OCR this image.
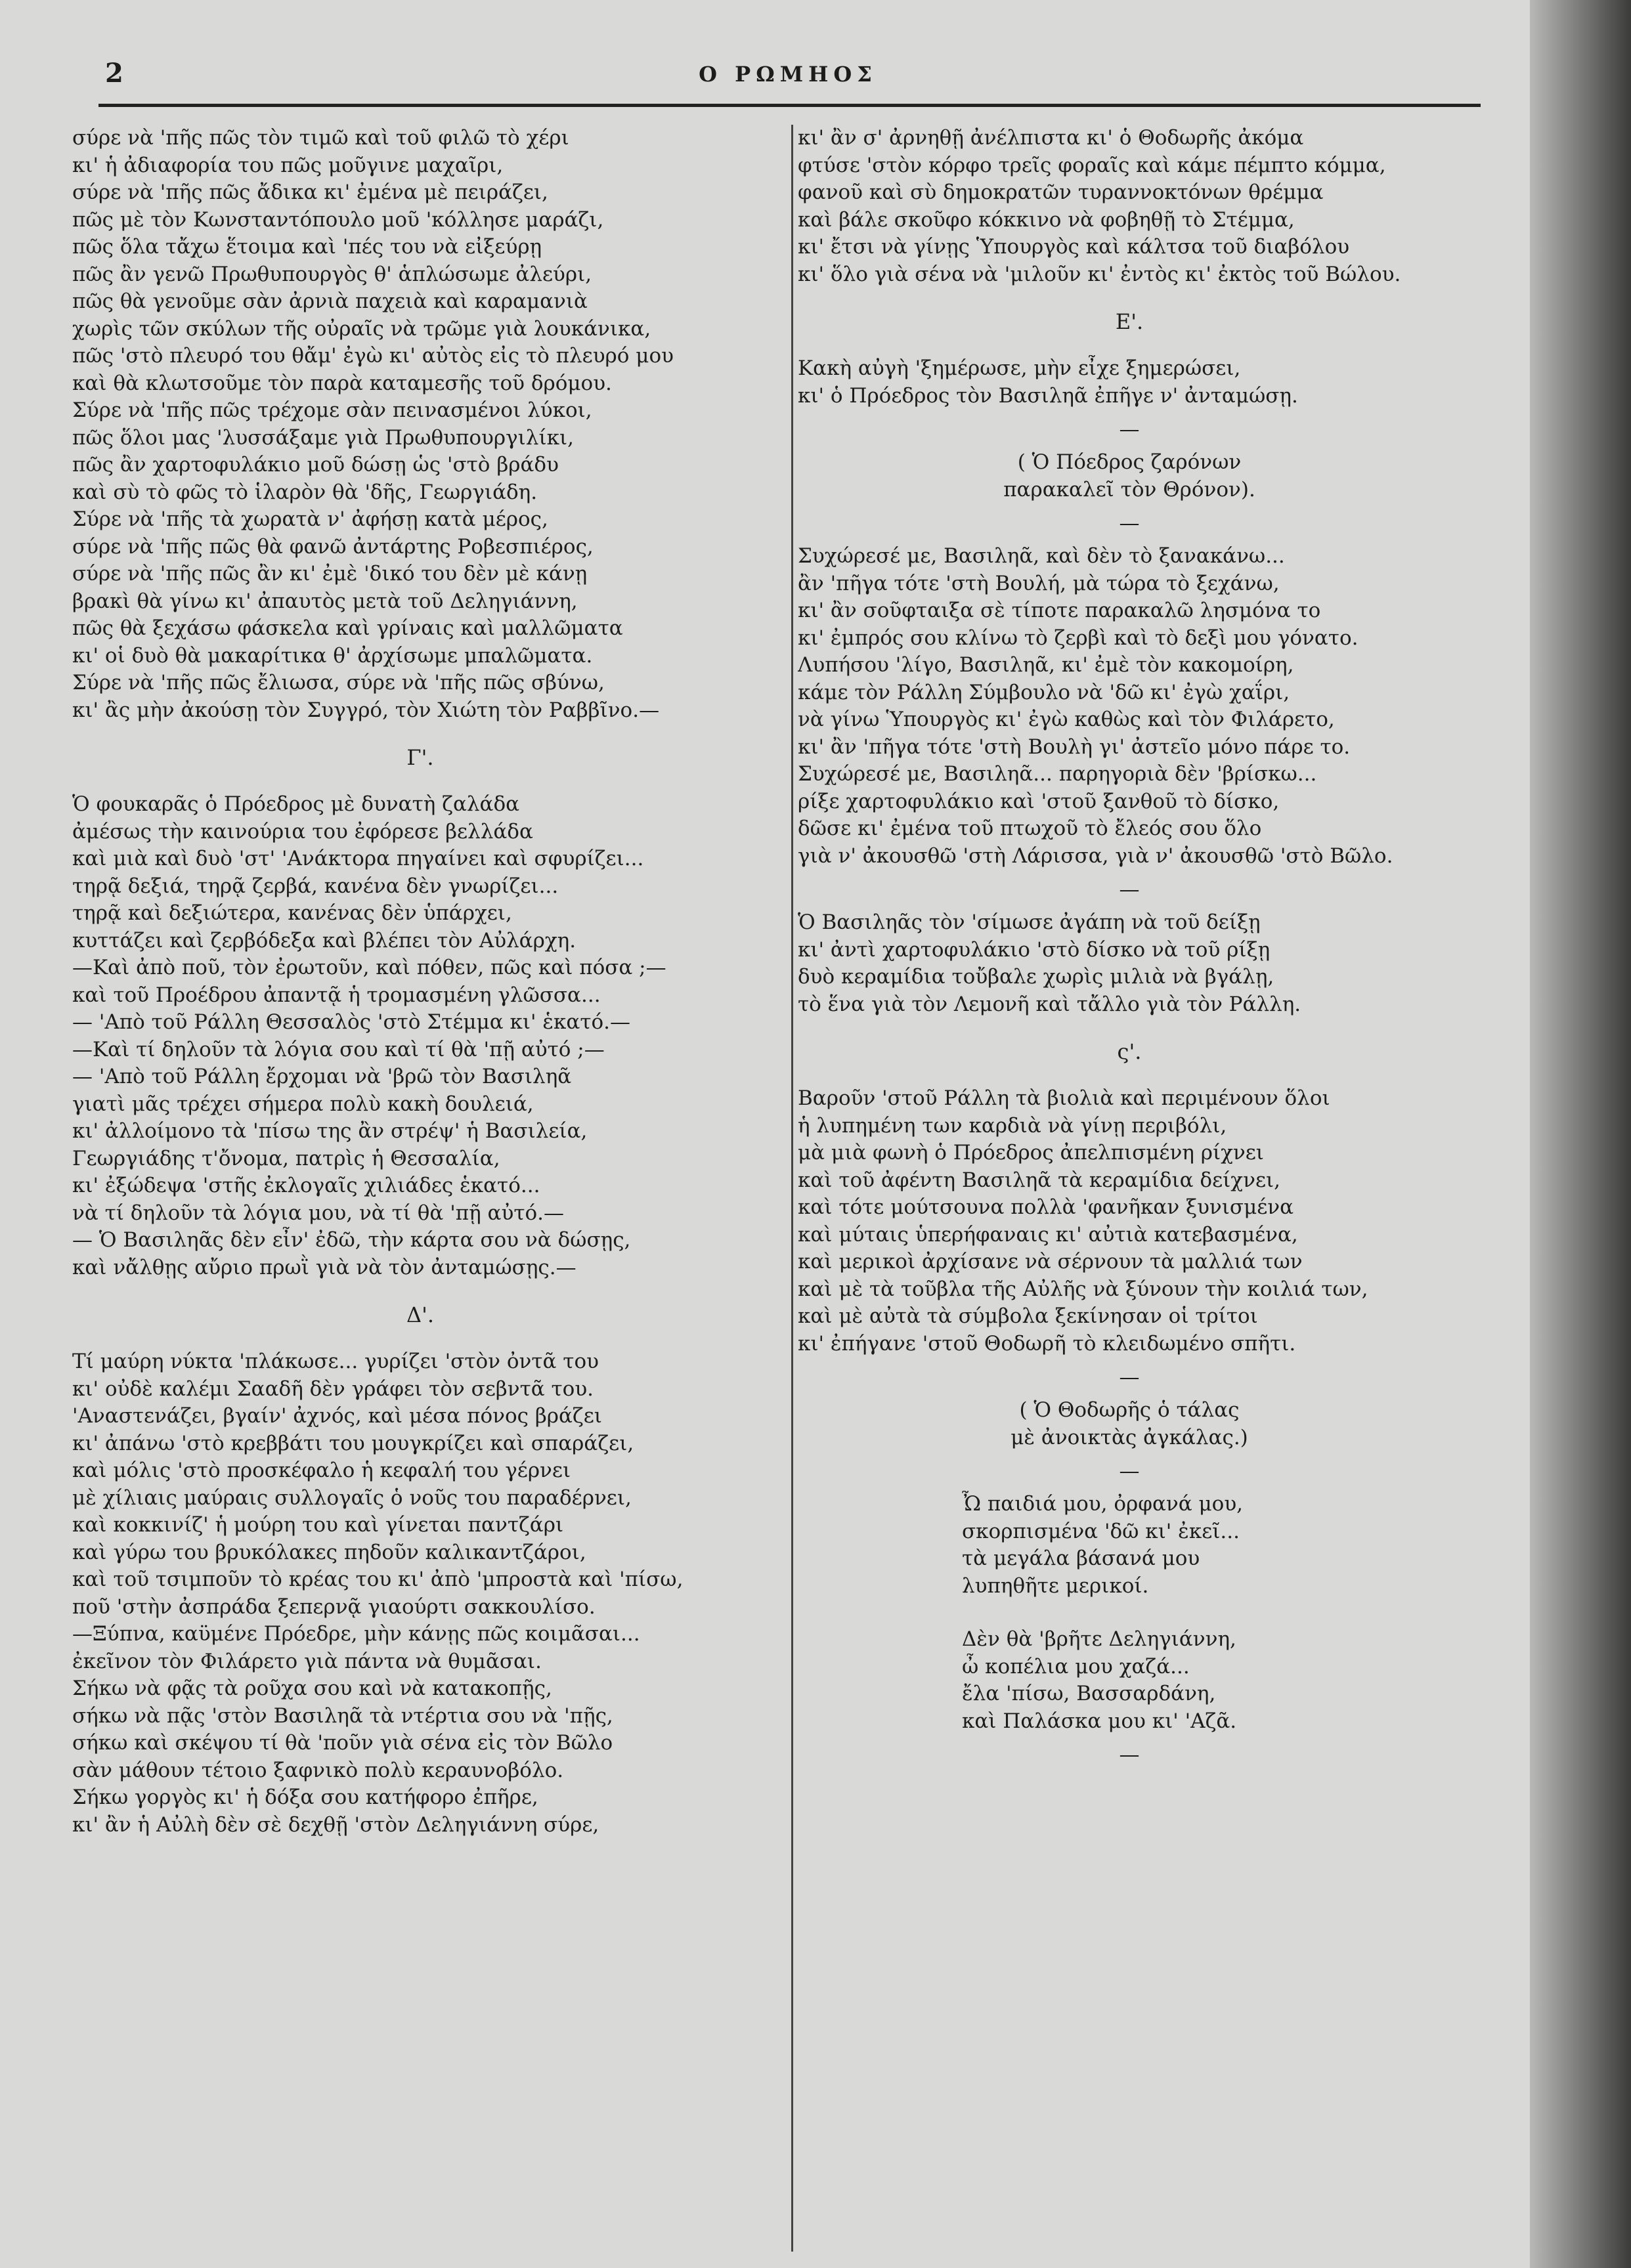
2	Ο ΡΩΜΗΟΣ
σύρε νὰ 'πῆς πῶς τὸν τιμῶ καὶ τοῦ φιλῶ τὸ χέρι
κι' ἡ ἀδιαφορία του πῶς μοῦγινε μαχαῖρι,
σύρε νὰ 'πῆς πῶς ἄδικα κι' ἐμένα μὲ πειράζει,
πῶς μὲ τὸν Κωνσταντόπουλο μοῦ 'κόλλησε μαράζι,
πῶς ὅλα τἄχω ἕτοιμα καὶ 'πές του νὰ εἰξεύρῃ
πῶς ἂν γενῶ Πρωθυπουργὸς θ' ἁπλώσωμε ἀλεύρι,
πῶς θὰ γενοῦμε σὰν ἀρνιὰ παχειὰ καὶ καραμανιὰ
χωρὶς τῶν σκύλων τῆς οὐραῖς νὰ τρῶμε γιὰ λουκάνικα,
πῶς 'στὸ πλευρό του θἄμ' ἐγὼ κι' αὐτὸς εἰς τὸ πλευρό μου
καὶ θὰ κλωτσοῦμε τὸν παρὰ καταμεσῆς τοῦ δρόμου.
Σύρε νὰ 'πῆς πῶς τρέχομε σὰν πεινασμένοι λύκοι,
πῶς ὅλοι μας 'λυσσάξαμε γιὰ Πρωθυπουργιλίκι,
πῶς ἂν χαρτοφυλάκιο μοῦ δώσῃ ὡς 'στὸ βράδυ
καὶ σὺ τὸ φῶς τὸ ἱλαρὸν θὰ 'δῆς, Γεωργιάδη.
Σύρε νὰ 'πῆς τὰ χωρατὰ ν' ἀφήσῃ κατὰ μέρος,
σύρε νὰ 'πῆς πῶς θὰ φανῶ ἀντάρτης Ροβεσπιέρος,
σύρε νὰ 'πῆς πῶς ἂν κι' ἐμὲ 'δικό του δὲν μὲ κάνῃ
βρακὶ θὰ γίνω κι' ἀπαυτὸς μετὰ τοῦ Δεληγιάννη,
πῶς θὰ ξεχάσω φάσκελα καὶ γρίναις καὶ μαλλῶματα
κι' οἱ δυὸ θὰ μακαρίτικα θ' ἀρχίσωμε μπαλῶματα.
Σύρε νὰ 'πῆς πῶς ἔλιωσα, σύρε νὰ 'πῆς πῶς σβύνω,
κι' ἂς μὴν ἀκούσῃ τὸν Συγγρό, τὸν Χιώτη τὸν Ραββῖνο.—
Γ'.
Ὁ φουκαρᾶς ὁ Πρόεδρος μὲ δυνατὴ ζαλάδα
ἀμέσως τὴν καινούρια του ἐφόρεσε βελλάδα
καὶ μιὰ καὶ δυὸ 'στ' 'Ανάκτορα πηγαίνει καὶ σφυρίζει...
τηρᾷ δεξιά, τηρᾷ ζερβά, κανένα δὲν γνωρίζει...
τηρᾷ καὶ δεξιώτερα, κανένας δὲν ὑπάρχει,
κυττάζει καὶ ζερβόδεξα καὶ βλέπει τὸν Αὐλάρχη.
—Καὶ ἀπὸ ποῦ, τὸν ἐρωτοῦν, καὶ πόθεν, πῶς καὶ πόσα ;—
καὶ τοῦ Προέδρου ἀπαντᾷ ἡ τρομασμένη γλῶσσα...
— 'Απὸ τοῦ Ράλλη Θεσσαλὸς 'στὸ Στέμμα κι' ἑκατό.—
—Καὶ τί δηλοῦν τὰ λόγια σου καὶ τί θὰ 'πῇ αὐτό ;—
— 'Απὸ τοῦ Ράλλη ἔρχομαι νὰ 'βρῶ τὸν Βασιληᾶ
γιατὶ μᾶς τρέχει σήμερα πολὺ κακὴ δουλειά,
κι' ἀλλοίμονο τὰ 'πίσω της ἂν στρέψ' ἡ Βασιλεία,
Γεωργιάδης τ'ὄνομα, πατρὶς ἡ Θεσσαλία,
κι' ἐξώδεψα 'στῆς ἐκλογαῖς χιλιάδες ἑκατό...
νὰ τί δηλοῦν τὰ λόγια μου, νὰ τί θὰ 'πῇ αὐτό.—
— Ὁ Βασιληᾶς δὲν εἶν' ἐδῶ, τὴν κάρτα σου νὰ δώσῃς,
καὶ νἄλθῃς αὔριο πρωῒ γιὰ νὰ τὸν ἀνταμώσῃς.—
Δ'.
Τί μαύρη νύκτα 'πλάκωσε... γυρίζει 'στὸν ὀντᾶ του
κι' οὐδὲ καλέμι Σααδῆ δὲν γράφει τὸν σεβντᾶ του.
'Αναστενάζει, βγαίν' ἀχνός, καὶ μέσα πόνος βράζει
κι' ἀπάνω 'στὸ κρεββάτι του μουγκρίζει καὶ σπαράζει,
καὶ μόλις 'στὸ προσκέφαλο ἡ κεφαλή του γέρνει
μὲ χίλιαις μαύραις συλλογαῖς ὁ νοῦς του παραδέρνει,
καὶ κοκκινίζ' ἡ μούρη του καὶ γίνεται παντζάρι
καὶ γύρω του βρυκόλακες πηδοῦν καλικαντζάροι,
καὶ τοῦ τσιμποῦν τὸ κρέας του κι' ἀπὸ 'μπροστὰ καὶ 'πίσω,
ποῦ 'στὴν ἀσπράδα ξεπερνᾷ γιαούρτι σακκουλίσο.
—Ξύπνα, καϋμένε Πρόεδρε, μὴν κάνῃς πῶς κοιμᾶσαι...
ἐκεῖνον τὸν Φιλάρετο γιὰ πάντα νὰ θυμᾶσαι.
Σήκω νὰ φᾷς τὰ ροῦχα σου καὶ νὰ κατακοπῇς,
σήκω νὰ πᾷς 'στὸν Βασιληᾶ τὰ ντέρτια σου νὰ 'πῇς,
σήκω καὶ σκέψου τί θὰ 'ποῦν γιὰ σένα εἰς τὸν Βῶλο
σὰν μάθουν τέτοιο ξαφνικὸ πολὺ κεραυνοβόλο.
Σήκω γοργὸς κι' ἡ δόξα σου κατήφορο ἐπῆρε,
κι' ἂν ἡ Αὐλὴ δὲν σὲ δεχθῇ 'στὸν Δεληγιάννη σύρε,
κι' ἂν σ' ἀρνηθῇ ἀνέλπιστα κι' ὁ Θοδωρῆς ἀκόμα
φτύσε 'στὸν κόρφο τρεῖς φοραῖς καὶ κάμε πέμπτο κόμμα,
φανοῦ καὶ σὺ δημοκρατῶν τυραννοκτόνων θρέμμα
καὶ βάλε σκοῦφο κόκκινο νὰ φοβηθῇ τὸ Στέμμα,
κι' ἔτσι νὰ γίνῃς Ὑπουργὸς καὶ κάλτσα τοῦ διαβόλου
κι' ὅλο γιὰ σένα νὰ 'μιλοῦν κι' ἐντὸς κι' ἐκτὸς τοῦ Βώλου.
Ε'.
Κακὴ αὐγὴ 'ξημέρωσε, μὴν εἶχε ξημερώσει,
κι' ὁ Πρόεδρος τὸν Βασιληᾶ ἐπῆγε ν' ἀνταμώσῃ.
—
( Ὁ Πόεδρος ζαρόνων
παρακαλεῖ τὸν Θρόνον).
—
Συχώρεσέ με, Βασιληᾶ, καὶ δὲν τὸ ξανακάνω...
ἂν 'πῆγα τότε 'στὴ Βουλή, μὰ τώρα τὸ ξεχάνω,
κι' ἂν σοῦφταιξα σὲ τίποτε παρακαλῶ λησμόνα το
κι' ἐμπρός σου κλίνω τὸ ζερβὶ καὶ τὸ δεξὶ μου γόνατο.
Λυπήσου 'λίγο, Βασιληᾶ, κι' ἐμὲ τὸν κακομοίρη,
κάμε τὸν Ράλλη Σύμβουλο νὰ 'δῶ κι' ἐγὼ χαΐρι,
νὰ γίνω Ὑπουργὸς κι' ἐγὼ καθὼς καὶ τὸν Φιλάρετο,
κι' ἂν 'πῆγα τότε 'στὴ Βουλὴ γι' ἀστεῖο μόνο πάρε το.
Συχώρεσέ με, Βασιληᾶ... παρηγοριὰ δὲν 'βρίσκω...
ρίξε χαρτοφυλάκιο καὶ 'στοῦ ξανθοῦ τὸ δίσκο,
δῶσε κι' ἐμένα τοῦ πτωχοῦ τὸ ἔλεός σου ὅλο
γιὰ ν' ἀκουσθῶ 'στὴ Λάρισσα, γιὰ ν' ἀκουσθῶ 'στὸ Βῶλο.
—
Ὁ Βασιληᾶς τὸν 'σίμωσε ἀγάπη νὰ τοῦ δείξῃ
κι' ἀντὶ χαρτοφυλάκιο 'στὸ δίσκο νὰ τοῦ ρίξῃ
δυὸ κεραμίδια τοὔβαλε χωρὶς μιλιὰ νὰ βγάλῃ,
τὸ ἕνα γιὰ τὸν Λεμονῆ καὶ τἄλλο γιὰ τὸν Ράλλη.
ς'.
Βαροῦν 'στοῦ Ράλλη τὰ βιολιὰ καὶ περιμένουν ὅλοι
ἡ λυπημένη των καρδιὰ νὰ γίνῃ περιβόλι,
μὰ μιὰ φωνὴ ὁ Πρόεδρος ἀπελπισμένη ρίχνει
καὶ τοῦ ἀφέντη Βασιληᾶ τὰ κεραμίδια δείχνει,
καὶ τότε μούτσουνα πολλὰ 'φανῆκαν ξυνισμένα
καὶ μύταις ὑπερήφαναις κι' αὐτιὰ κατεβασμένα,
καὶ μερικοὶ ἀρχίσανε νὰ σέρνουν τὰ μαλλιά των
καὶ μὲ τὰ τοῦβλα τῆς Αὐλῆς νὰ ξύνουν τὴν κοιλιά των,
καὶ μὲ αὐτὰ τὰ σύμβολα ξεκίνησαν οἱ τρίτοι
κι' ἐπήγανε 'στοῦ Θοδωρῆ τὸ κλειδωμένο σπῆτι.
—
( Ὁ Θοδωρῆς ὁ τάλας
μὲ ἀνοικτὰς ἀγκάλας.)
—
Ὦ παιδιά μου, ὀρφανά μου,
σκορπισμένα 'δῶ κι' ἐκεῖ...
τὰ μεγάλα βάσανά μου
λυπηθῆτε μερικοί.
Δὲν θὰ 'βρῆτε Δεληγιάννη,
ὦ κοπέλια μου χαζά...
ἔλα 'πίσω, Βασσαρδάνη,
καὶ Παλάσκα μου κι' 'Αζᾶ.
—
